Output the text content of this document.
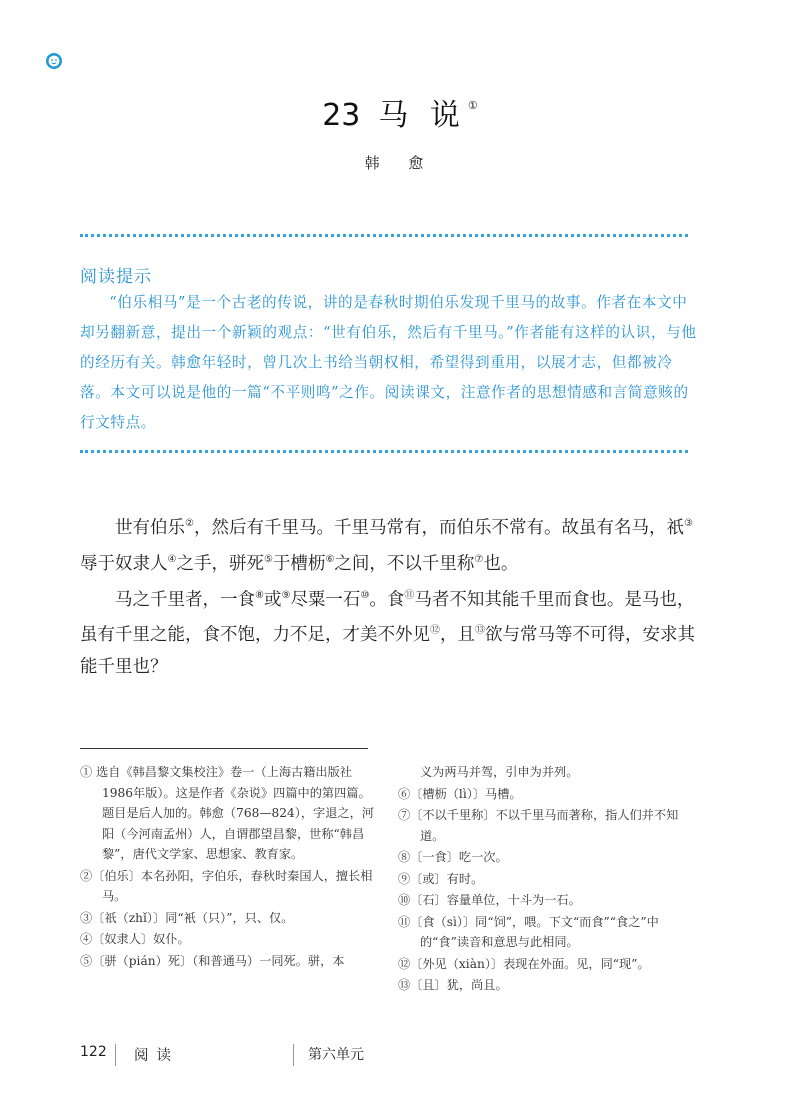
23 马 说 ①
韩 愈
阅读提示
“伯乐相马”是一个古老的传说，讲的是春秋时期伯乐发现千里马的故事。作者在本文中却另翻新意，提出一个新颖的观点：“世有伯乐，然后有千里马。”作者能有这样的认识，与他的经历有关。韩愈年轻时，曾几次上书给当朝权相，希望得到重用，以展才志，但都被冷落。本文可以说是他的一篇“不平则鸣”之作。阅读课文，注意作者的思想情感和言简意赅的行文特点。

世有伯乐②，然后有千里马。千里马常有，而伯乐不常有。故虽有名马，祇③辱于奴隶人④之手，骈死⑤于槽枥⑥之间，不以千里称⑦也。

马之千里者，一食⑧或⑨尽粟一石⑩。食⑪马者不知其能千里而食也。是马也，虽有千里之能，食不饱，力不足，才美不外见⑫，且⑬欲与常马等不可得，安求其能千里也？

① 选自《韩昌黎文集校注》卷一（上海古籍出版社1986年版）。这是作者《杂说》四篇中的第四篇。题目是后人加的。韩愈（768—824），字退之，河阳（今河南孟州）人，自谓郡望昌黎，世称“韩昌黎”，唐代文学家、思想家、教育家。

②〔伯乐〕本名孙阳，字伯乐，春秋时秦国人，擅长相马。

③〔祇（zhǐ）〕同“衹（只）”，只、仅。

④〔奴隶人〕奴仆。

⑤〔骈（pián）死〕（和普通马）一同死。骈，本

义为两马并驾，引申为并列。

⑥〔槽枥（lì）〕马槽。

⑦〔不以千里称〕不以千里马而著称，指人们并不知道。

⑧〔一食〕吃一次。

⑨〔或〕有时。

⑩〔石〕容量单位，十斗为一石。

⑪〔食（sì）〕同“饲”，喂。下文“而食”“食之”中的“食”读音和意思与此相同。

⑫〔外见（xiàn）〕表现在外面。见，同“现”。

⑬〔且〕犹，尚且。

122 阅读	第六单元
